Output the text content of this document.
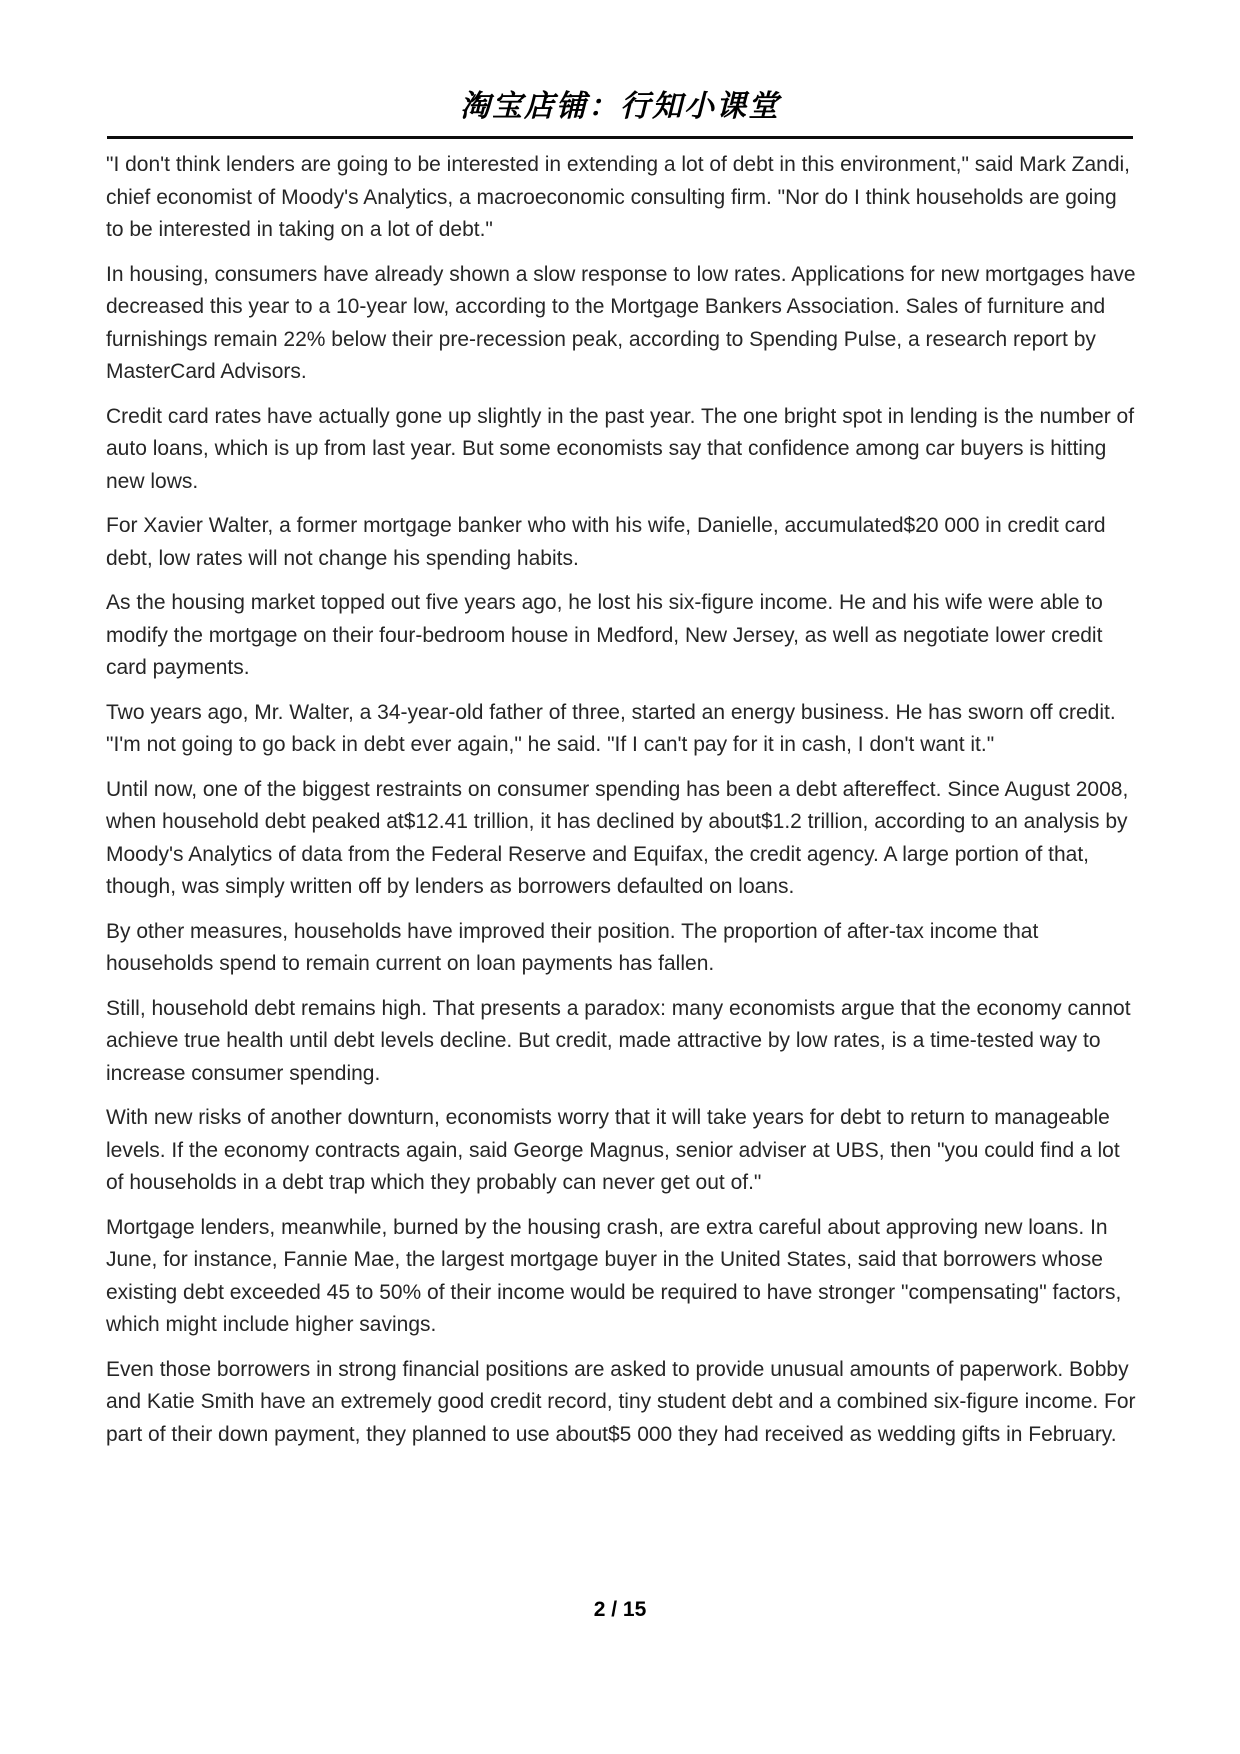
淘宝店铺：行知小课堂

"I don't think lenders are going to be interested in extending a lot of debt in this environment," said Mark Zandi, chief economist of Moody's Analytics, a macroeconomic consulting firm. "Nor do I think households are going to be interested in taking on a lot of debt."

In housing, consumers have already shown a slow response to low rates. Applications for new mortgages have decreased this year to a 10-year low, according to the Mortgage Bankers Association. Sales of furniture and furnishings remain 22% below their pre-recession peak, according to Spending Pulse, a research report by MasterCard Advisors.

Credit card rates have actually gone up slightly in the past year. The one bright spot in lending is the number of auto loans, which is up from last year. But some economists say that confidence among car buyers is hitting new lows.

For Xavier Walter, a former mortgage banker who with his wife, Danielle, accumulated$20 000 in credit card debt, low rates will not change his spending habits.

As the housing market topped out five years ago, he lost his six-figure income. He and his wife were able to modify the mortgage on their four-bedroom house in Medford, New Jersey, as well as negotiate lower credit card payments.

Two years ago, Mr. Walter, a 34-year-old father of three, started an energy business. He has sworn off credit. "I'm not going to go back in debt ever again," he said. "If I can't pay for it in cash, I don't want it."

Until now, one of the biggest restraints on consumer spending has been a debt aftereffect. Since August 2008, when household debt peaked at$12.41 trillion, it has declined by about$1.2 trillion, according to an analysis by Moody's Analytics of data from the Federal Reserve and Equifax, the credit agency. A large portion of that, though, was simply written off by lenders as borrowers defaulted on loans.

By other measures, households have improved their position. The proportion of after-tax income that households spend to remain current on loan payments has fallen.

Still, household debt remains high. That presents a paradox: many economists argue that the economy cannot achieve true health until debt levels decline. But credit, made attractive by low rates, is a time-tested way to increase consumer spending.

With new risks of another downturn, economists worry that it will take years for debt to return to manageable levels. If the economy contracts again, said George Magnus, senior adviser at UBS, then "you could find a lot of households in a debt trap which they probably can never get out of."

Mortgage lenders, meanwhile, burned by the housing crash, are extra careful about approving new loans. In June, for instance, Fannie Mae, the largest mortgage buyer in the United States, said that borrowers whose existing debt exceeded 45 to 50% of their income would be required to have stronger "compensating" factors, which might include higher savings.

Even those borrowers in strong financial positions are asked to provide unusual amounts of paperwork. Bobby and Katie Smith have an extremely good credit record, tiny student debt and a combined six-figure income. For part of their down payment, they planned to use about$5 000 they had received as wedding gifts in February.

2 / 15
